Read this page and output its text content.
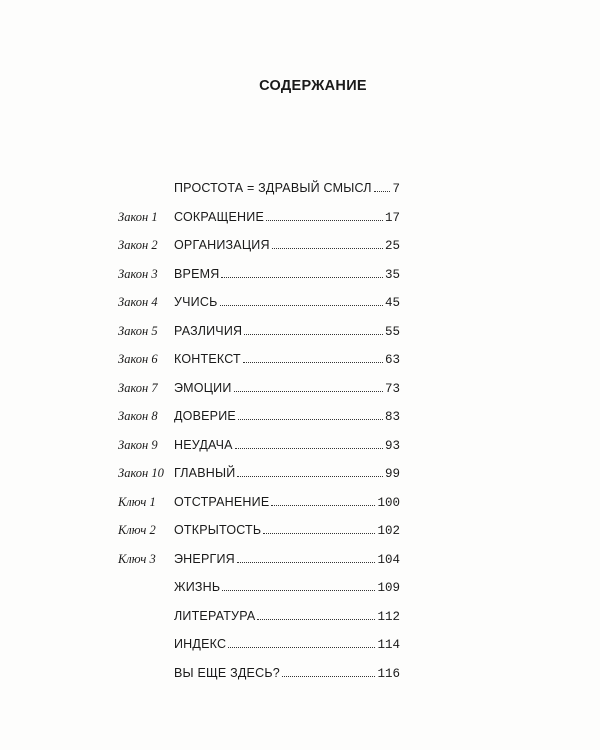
СОДЕРЖАНИЕ
ПРОСТОТА = ЗДРАВЫЙ СМЫСЛ 7
Закон 1 СОКРАЩЕНИЕ	17
Закон 2 ОРГАНИЗАЦИЯ	25
Закон 3 ВРЕМЯ	35
Закон 4 УЧИСЬ	45
Закон 5 РАЗЛИЧИЯ	55
Закон 6 КОНТЕКСТ	63
Закон 7 ЭМОЦИИ	73
Закон 8 ДОВЕРИЕ	83
Закон 9 НЕУДАЧА	93
Закон 10 ГЛАВНЫЙ	99
Ключ 1 ОТСТРАНЕНИЕ	100
Ключ 2 ОТКРЫТОСТЬ	102
Ключ 3 ЭНЕРГИЯ	104
ЖИЗНЬ	109
ЛИТЕРАТУРА	112
ИНДЕКС	114
ВЫ ЕЩЕ ЗДЕСЬ?	116
